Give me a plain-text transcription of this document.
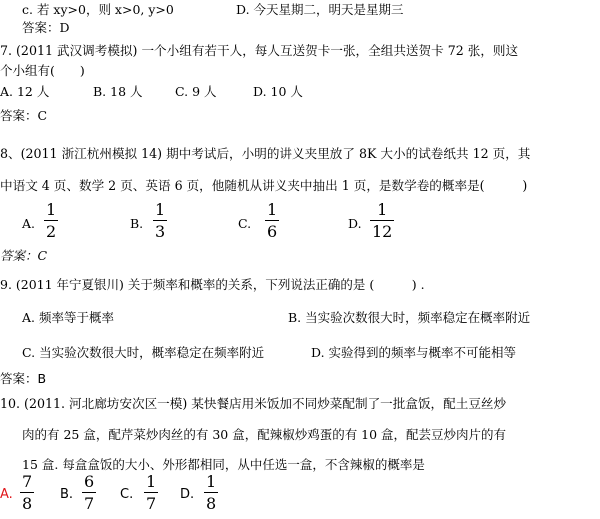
c. 若 xy>0，则 x>0, y>0	D. 今天星期二，明天是星期三
答案：D
7. (2011 武汉调考模拟) 一个小组有若干人，每人互送贺卡一张，全组共送贺卡 72 张，则这
个小组有(　　)
A. 12 人	B. 18 人	C. 9 人	D. 10 人
答案：C
8、(2011 浙江杭州模拟 14) 期中考试后，小明的讲义夹里放了 8K 大小的试卷纸共 12 页，其
中语文 4 页、数学 2 页、英语 6 页，他随机从讲义夹中抽出 1 页，是数学卷的概率是(　　　)
A.
1
2	B.
1
3	C.
1
6	D.
1
12
答案：C
9. (2011 年宁夏银川) 关于频率和概率的关系，下列说法正确的是 (　　　) .
A. 频率等于概率	B. 当实验次数很大时，频率稳定在概率附近
C. 当实验次数很大时，概率稳定在频率附近	D. 实验得到的频率与概率不可能相等
答案：B
10. (2011. 河北廊坊安次区一模) 某快餐店用米饭加不同炒菜配制了一批盒饭，配土豆丝炒
肉的有 25 盒，配芹菜炒肉丝的有 30 盒，配辣椒炒鸡蛋的有 10 盒，配芸豆炒肉片的有
15 盒. 每盒盒饭的大小、外形都相同，从中任选一盒，不含辣椒的概率是
A.
7
8 B.
6
7 C.
1
7 D.
1
8
